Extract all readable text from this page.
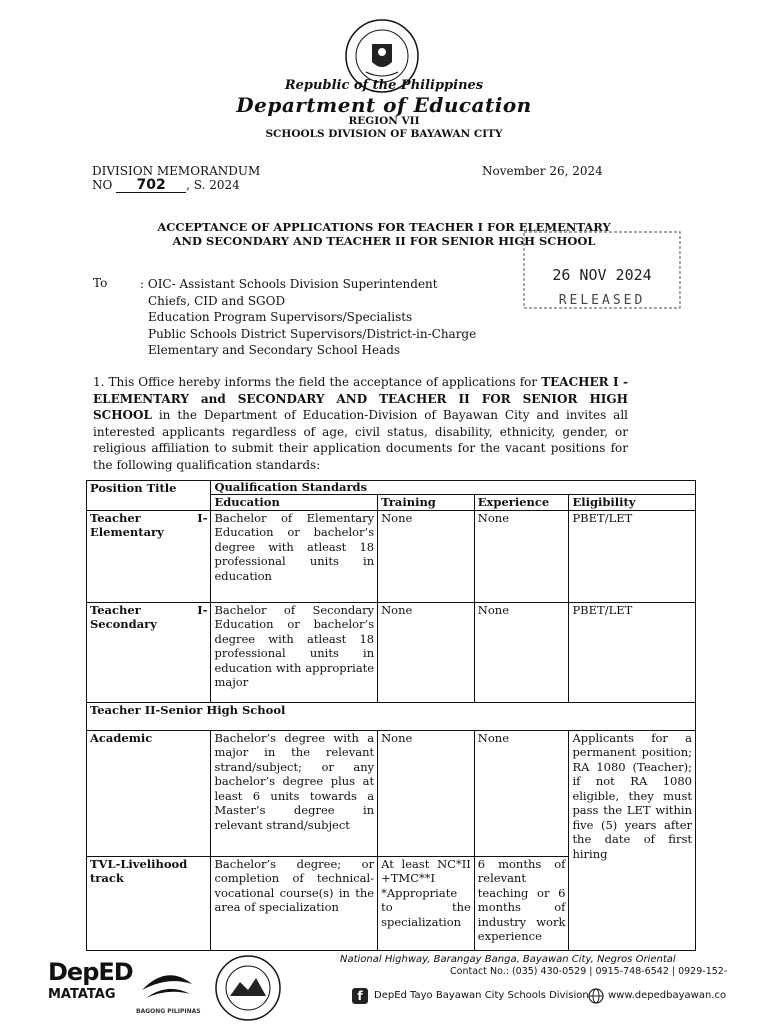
Republic of the Philippines
Department of Education
REGION VII
SCHOOLS DIVISION OF BAYAWAN CITY
DIVISION MEMORANDUM
NO 702 , S. 2024
November 26, 2024
ACCEPTANCE OF APPLICATIONS FOR TEACHER I FOR ELEMENTARY
AND SECONDARY AND TEACHER II FOR SENIOR HIGH SCHOOL
26 NOV 2024
RELEASED
To	: OIC- Assistant Schools Division Superintendent
Chiefs, CID and SGOD
Education Program Supervisors/Specialists
Public Schools District Supervisors/District-in-Charge
Elementary and Secondary School Heads
1. This Office hereby informs the field the acceptance of applications for TEACHER I - ELEMENTARY and SECONDARY AND TEACHER II FOR SENIOR HIGH SCHOOL in the Department of Education-Division of Bayawan City and invites all interested applicants regardless of age, civil status, disability, ethnicity, gender, or religious affiliation to submit their application documents for the vacant positions for the following qualification standards:
Position Title	Qualification Standards			
	Education	Training	Experience	Eligibility
Teacher I-Elementary	Bachelor of Elementary Education or bachelor’s degree with atleast 18 professional units in education	None	None	PBET/LET
Teacher I-Secondary	Bachelor of Secondary Education or bachelor’s degree with atleast 18 professional units in education with appropriate major	None	None	PBET/LET
Teacher II-Senior High School				
Academic	Bachelor’s degree with a major in the relevant strand/subject; or any bachelor’s degree plus at least 6 units towards a Master’s degree in relevant strand/subject	None	None	Applicants for a permanent position; RA 1080 (Teacher); if not RA 1080 eligible, they must pass the LET within five (5) years after the date of first hiring
TVL-Livelihood track	Bachelor’s degree; or completion of technical-vocational course(s) in the area of specialization	At least NC*II +TMC**I *Appropriate to the specialization	6 months of relevant teaching or 6 months of industry work experience	
DepED
MATATAG
BAGONG PILIPINAS
National Highway, Barangay Banga, Bayawan City, Negros Oriental
Contact No.: (035) 430-0529 | 0915-748-6542 | 0929-152-
f	DepEd Tayo Bayawan City Schools Division www.depedbayawan.co
